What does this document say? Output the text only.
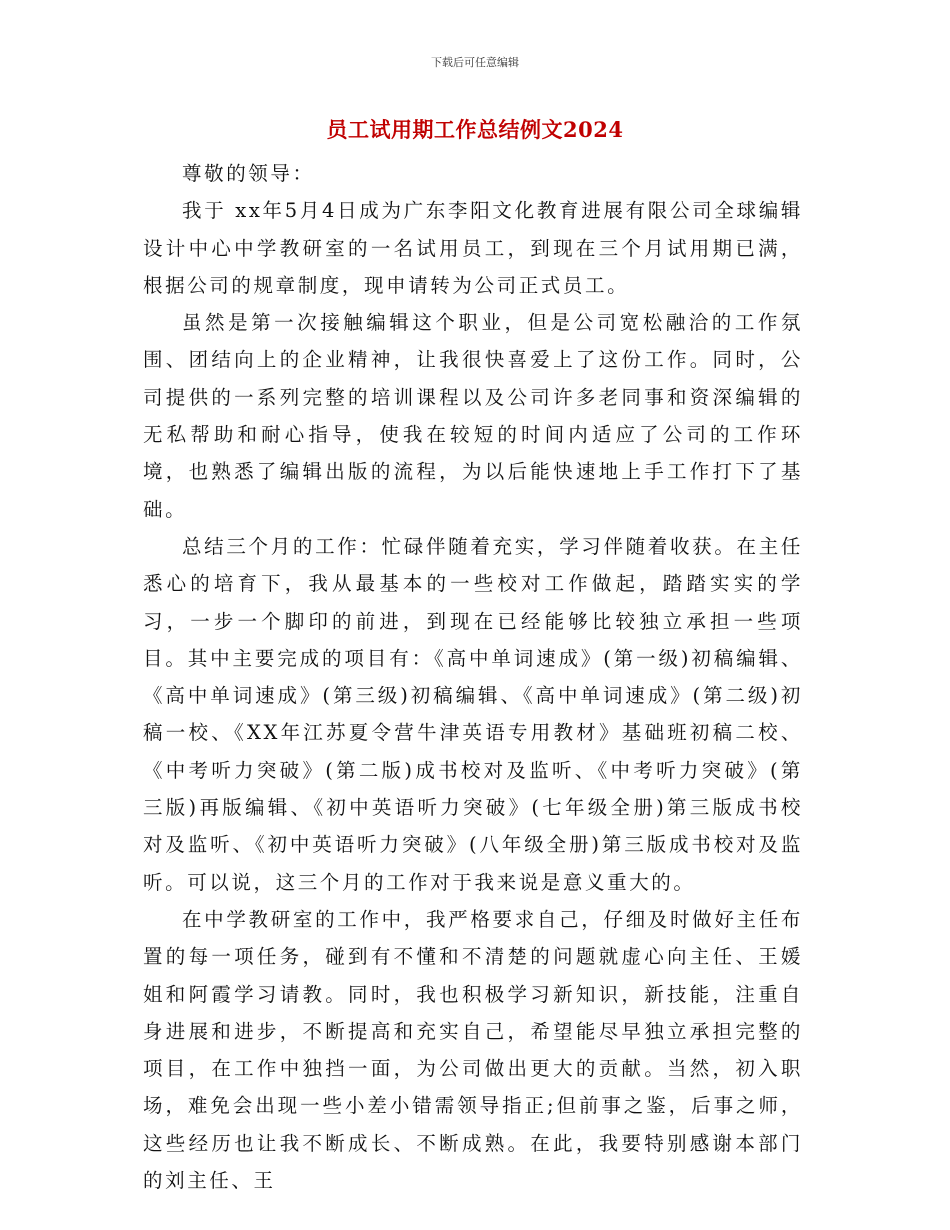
下载后可任意编辑
员工试用期工作总结例文2024

尊敬的领导：

我于 xx年5月4日成为广东李阳文化教育进展有限公司全球编辑设计中心中学教研室的一名试用员工，到现在三个月试用期已满，根据公司的规章制度，现申请转为公司正式员工。

虽然是第一次接触编辑这个职业，但是公司宽松融洽的工作氛围、团结向上的企业精神，让我很快喜爱上了这份工作。同时，公司提供的一系列完整的培训课程以及公司许多老同事和资深编辑的无私帮助和耐心指导，使我在较短的时间内适应了公司的工作环境，也熟悉了编辑出版的流程，为以后能快速地上手工作打下了基础。

总结三个月的工作：忙碌伴随着充实，学习伴随着收获。在主任悉心的培育下，我从最基本的一些校对工作做起，踏踏实实的学习，一步一个脚印的前进，到现在已经能够比较独立承担一些项目。其中主要完成的项目有：《高中单词速成》(第一级)初稿编辑、《高中单词速成》(第三级)初稿编辑、《高中单词速成》(第二级)初稿一校、《XX年江苏夏令营牛津英语专用教材》基础班初稿二校、《中考听力突破》(第二版)成书校对及监听、《中考听力突破》(第三版)再版编辑、《初中英语听力突破》(七年级全册)第三版成书校对及监听、《初中英语听力突破》(八年级全册)第三版成书校对及监听。可以说，这三个月的工作对于我来说是意义重大的。

在中学教研室的工作中，我严格要求自己，仔细及时做好主任布置的每一项任务，碰到有不懂和不清楚的问题就虚心向主任、王媛姐和阿霞学习请教。同时，我也积极学习新知识，新技能，注重自身进展和进步，不断提高和充实自己，希望能尽早独立承担完整的项目，在工作中独挡一面，为公司做出更大的贡献。当然，初入职场，难免会出现一些小差小错需领导指正;但前事之鉴，后事之师，这些经历也让我不断成长、不断成熟。在此，我要特别感谢本部门的刘主任、王
